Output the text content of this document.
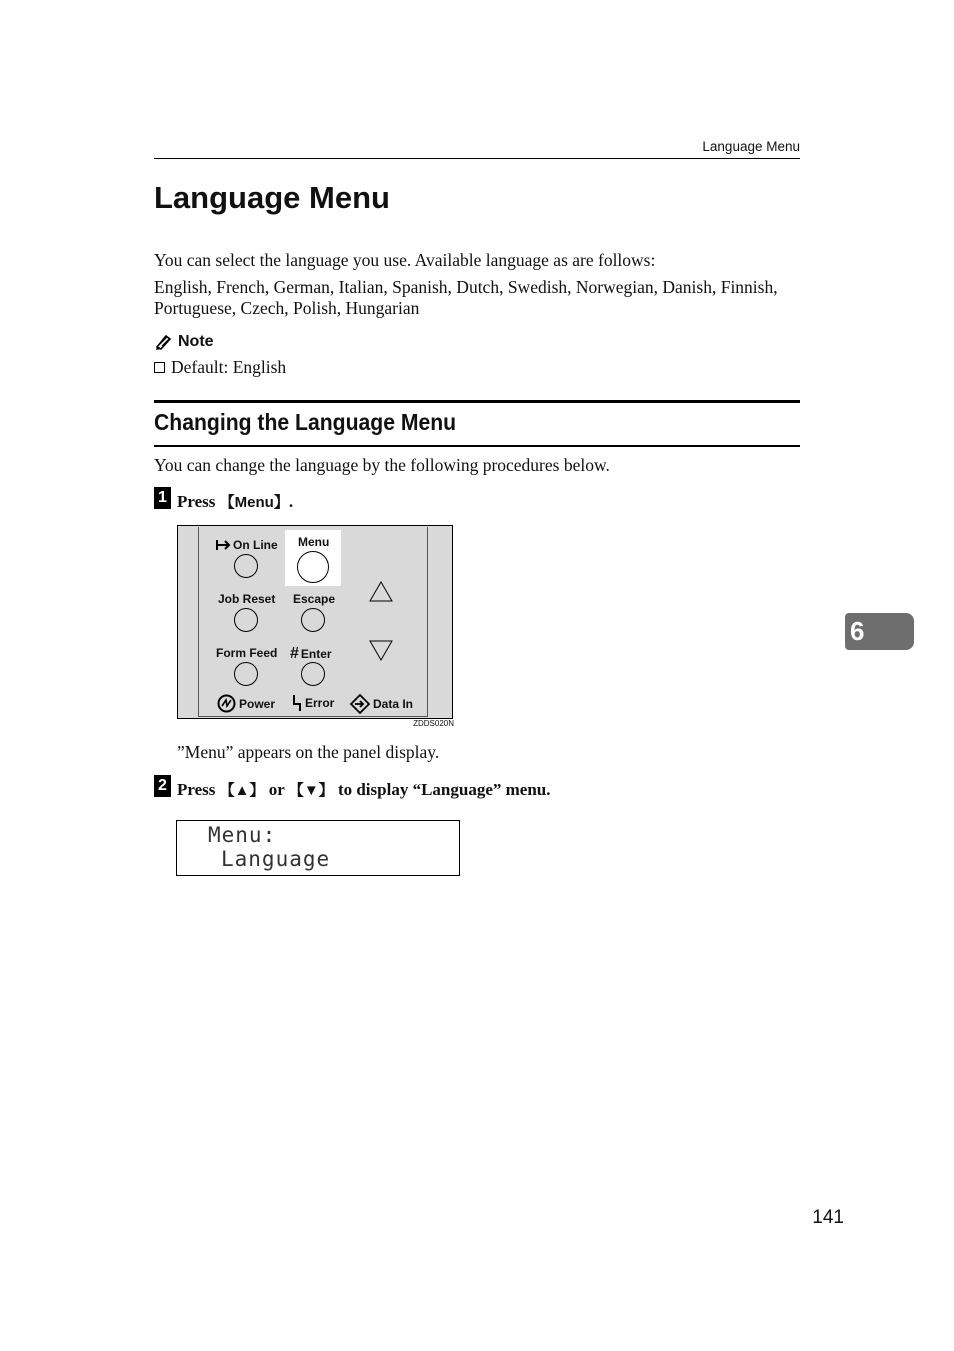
Language Menu
Language Menu
You can select the language you use. Available language as are follows:
English, French, German, Italian, Spanish, Dutch, Swedish, Norwegian, Danish, Finnish, Portuguese, Czech, Polish, Hungarian
Note
Default: English
Changing the Language Menu
You can change the language by the following procedures below.
1 Press 【Menu】.
On Line Menu
Job Reset Escape
Form Feed # Enter
Power Error	Data In
ZDDS020N
”Menu” appears on the panel display.
2 Press 【▲】 or 【▼】 to display “Language” menu.
Menu:
Language
6
141
